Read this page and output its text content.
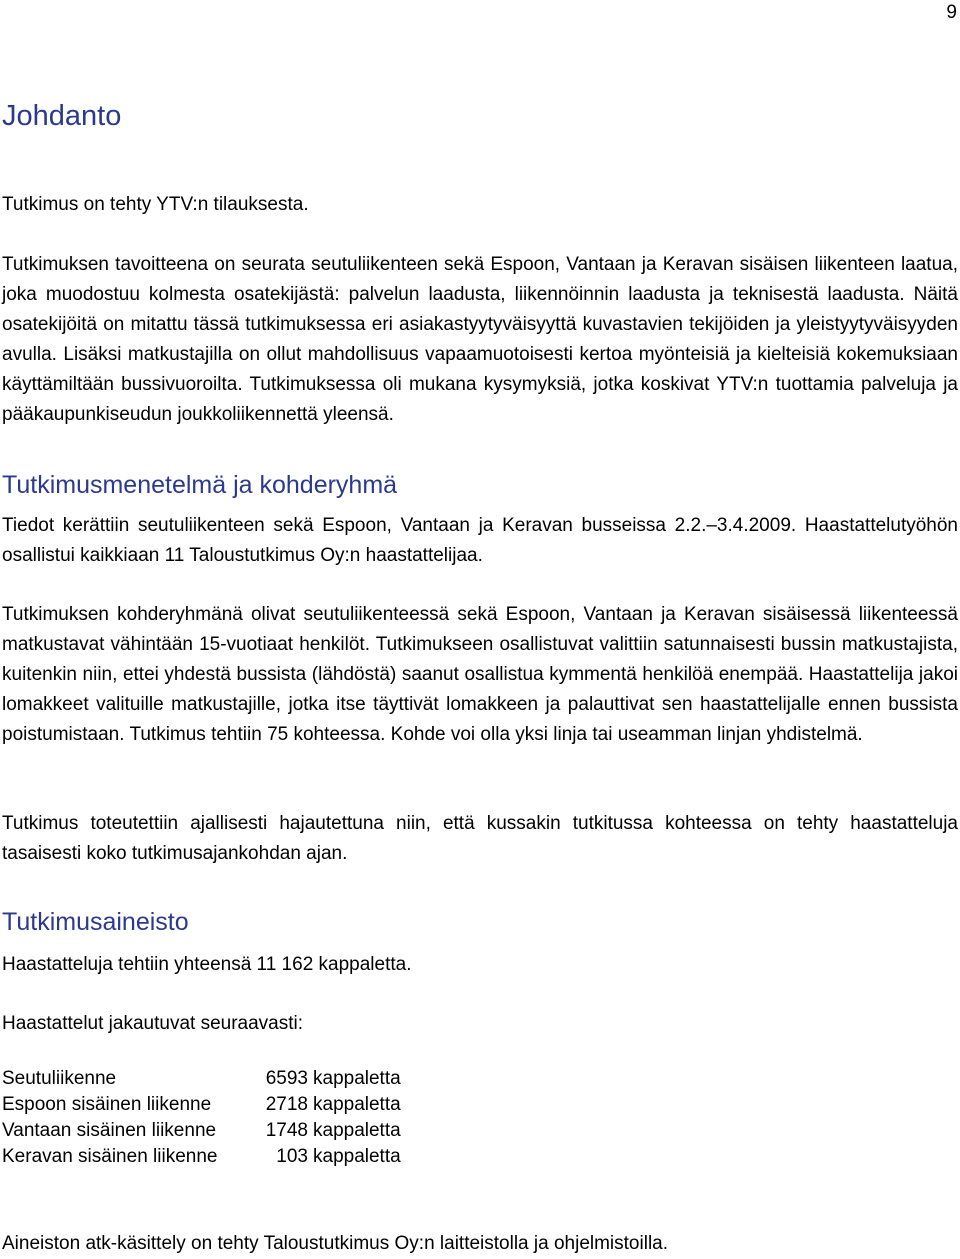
9
Johdanto

Tutkimus on tehty YTV:n tilauksesta.

Tutkimuksen tavoitteena on seurata seutuliikenteen sekä Espoon, Vantaan ja Keravan sisäisen liikenteen laatua, joka muodostuu kolmesta osatekijästä: palvelun laadusta, liikennöinnin laadusta ja teknisestä laadusta. Näitä osatekijöitä on mitattu tässä tutkimuksessa eri asiakastyytyväisyyttä kuvastavien tekijöiden ja yleistyytyväisyyden avulla. Lisäksi matkustajilla on ollut mahdollisuus vapaamuotoisesti kertoa myönteisiä ja kielteisiä kokemuksiaan käyttämiltään bussivuoroilta. Tutkimuksessa oli mukana kysymyksiä, jotka koskivat YTV:n tuottamia palveluja ja pääkaupunkiseudun joukkoliikennettä yleensä.

Tutkimusmenetelmä ja kohderyhmä

Tiedot kerättiin seutuliikenteen sekä Espoon, Vantaan ja Keravan busseissa 2.2.–3.4.2009. Haastattelutyöhön osallistui kaikkiaan 11 Taloustutkimus Oy:n haastattelijaa.

Tutkimuksen kohderyhmänä olivat seutuliikenteessä sekä Espoon, Vantaan ja Keravan sisäisessä liikenteessä matkustavat vähintään 15-vuotiaat henkilöt. Tutkimukseen osallistuvat valittiin satunnaisesti bussin matkustajista, kuitenkin niin, ettei yhdestä bussista (lähdöstä) saanut osallistua kymmentä henkilöä enempää. Haastattelija jakoi lomakkeet valituille matkustajille, jotka itse täyttivät lomakkeen ja palauttivat sen haastattelijalle ennen bussista poistumistaan. Tutkimus tehtiin 75 kohteessa. Kohde voi olla yksi linja tai useamman linjan yhdistelmä.

Tutkimus toteutettiin ajallisesti hajautettuna niin, että kussakin tutkitussa kohteessa on tehty haastatteluja tasaisesti koko tutkimusajankohdan ajan.

Tutkimusaineisto

Haastatteluja tehtiin yhteensä 11 162 kappaletta.

Haastattelut jakautuvat seuraavasti:

Seutuliikenne	6593	kappaletta
Espoon sisäinen liikenne	2718	kappaletta
Vantaan sisäinen liikenne	1748	kappaletta
Keravan sisäinen liikenne	103	kappaletta

Aineiston atk-käsittely on tehty Taloustutkimus Oy:n laitteistolla ja ohjelmistoilla.
